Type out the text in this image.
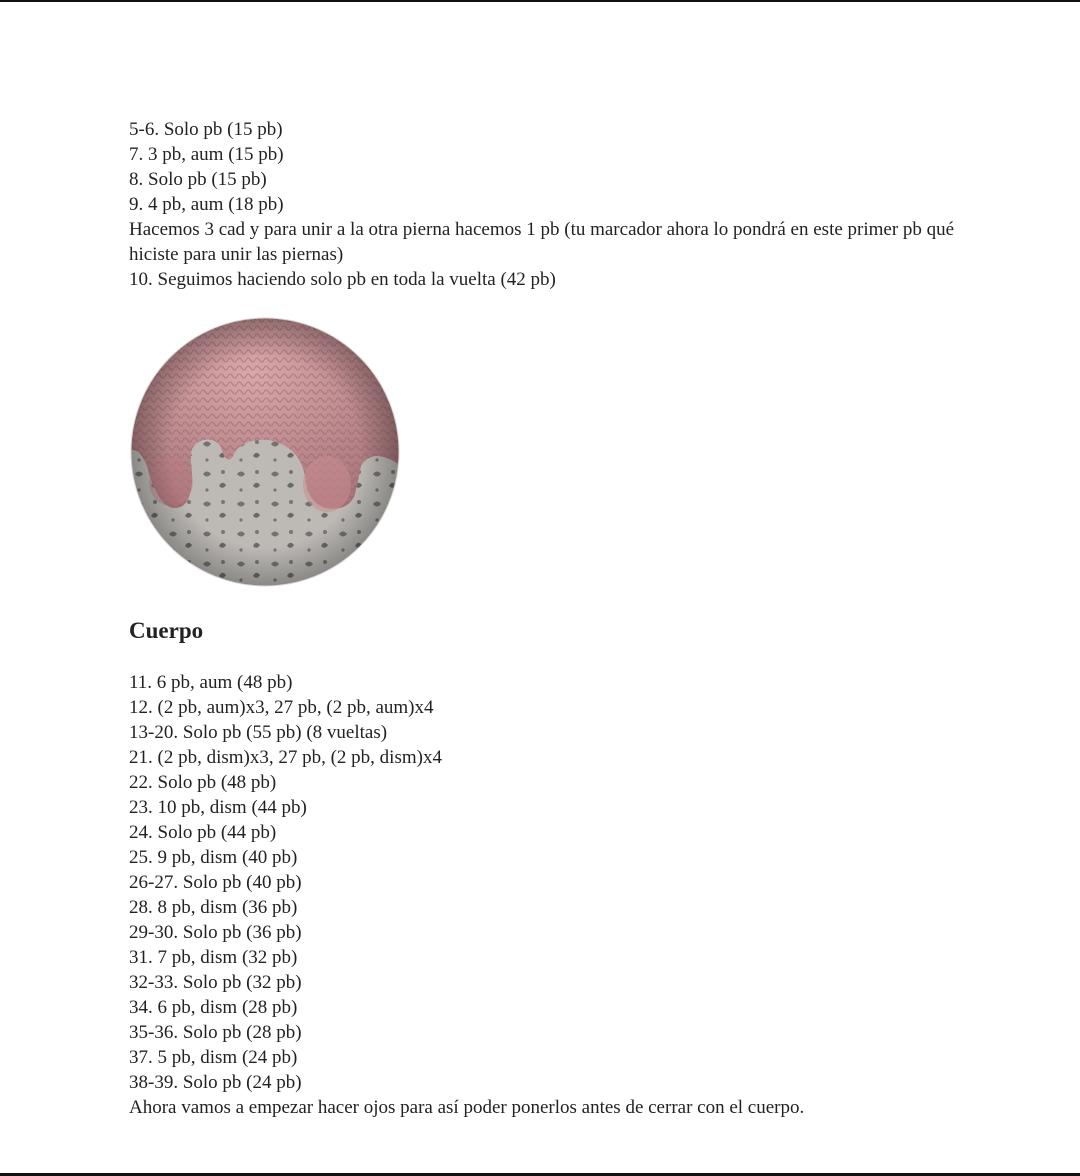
5-6. Solo pb (15 pb)
7. 3 pb, aum (15 pb)
8. Solo pb (15 pb)
9. 4 pb, aum (18 pb)
Hacemos 3 cad y para unir a la otra pierna hacemos 1 pb (tu marcador ahora lo pondrá en este primer pb qué hiciste para unir las piernas)
10. Seguimos haciendo solo pb en toda la vuelta (42 pb)
Cuerpo
11. 6 pb, aum (48 pb)
12. (2 pb, aum)x3, 27 pb, (2 pb, aum)x4
13-20. Solo pb (55 pb) (8 vueltas)
21. (2 pb, dism)x3, 27 pb, (2 pb, dism)x4
22. Solo pb (48 pb)
23. 10 pb, dism (44 pb)
24. Solo pb (44 pb)
25. 9 pb, dism (40 pb)
26-27. Solo pb (40 pb)
28. 8 pb, dism (36 pb)
29-30. Solo pb (36 pb)
31. 7 pb, dism (32 pb)
32-33. Solo pb (32 pb)
34. 6 pb, dism (28 pb)
35-36. Solo pb (28 pb)
37. 5 pb, dism (24 pb)
38-39. Solo pb (24 pb)
Ahora vamos a empezar hacer ojos para así poder ponerlos antes de cerrar con el cuerpo.
